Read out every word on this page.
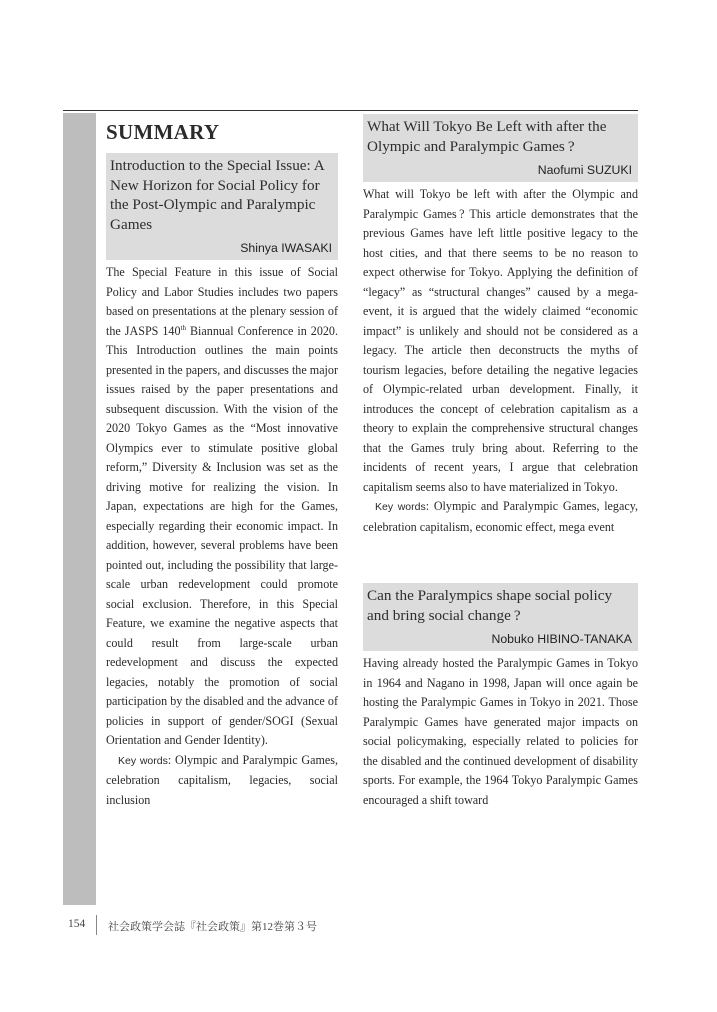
SUMMARY
Introduction to the Special Issue: A New Horizon for Social Policy for the Post-Olympic and Paralympic Games
Shinya IWASAKI

The Special Feature in this issue of Social Policy and Labor Studies includes two papers based on presentations at the plenary session of the JASPS 140th Biannual Conference in 2020. This Introduction outlines the main points presented in the papers, and discusses the major issues raised by the paper presentations and subsequent discussion. With the vision of the 2020 Tokyo Games as the “Most innovative Olympics ever to stimulate positive global reform,” Diversity & Inclusion was set as the driving motive for realizing the vision. In Japan, expectations are high for the Games, especially regarding their economic impact. In addition, however, several problems have been pointed out, including the possibility that large-scale urban redevelopment could promote social exclusion. Therefore, in this Special Feature, we examine the negative aspects that could result from large-scale urban redevelopment and discuss the expected legacies, notably the promotion of social participation by the disabled and the advance of policies in support of gender/SOGI (Sexual Orientation and Gender Identity).

Key words: Olympic and Paralympic Games, celebration capitalism, legacies, social inclusion

What Will Tokyo Be Left with after the Olympic and Paralympic Games ?
Naofumi SUZUKI

What will Tokyo be left with after the Olympic and Paralympic Games ? This article demonstrates that the previous Games have left little positive legacy to the host cities, and that there seems to be no reason to expect otherwise for Tokyo. Applying the definition of “legacy” as “structural changes” caused by a mega-event, it is argued that the widely claimed “economic impact” is unlikely and should not be considered as a legacy. The article then deconstructs the myths of tourism legacies, before detailing the negative legacies of Olympic-related urban development. Finally, it introduces the concept of celebration capitalism as a theory to explain the comprehensive structural changes that the Games truly bring about. Referring to the incidents of recent years, I argue that celebration capitalism seems also to have materialized in Tokyo.

Key words: Olympic and Paralympic Games, legacy, celebration capitalism, economic effect, mega event

Can the Paralympics shape social policy and bring social change ?
Nobuko HIBINO-TANAKA

Having already hosted the Paralympic Games in Tokyo in 1964 and Nagano in 1998, Japan will once again be hosting the Paralympic Games in Tokyo in 2021. Those Paralympic Games have generated major impacts on social policymaking, especially related to policies for the disabled and the continued development of disability sports. For example, the 1964 Tokyo Paralympic Games encouraged a shift toward

154 社会政策学会誌『社会政策』第12巻第３号
